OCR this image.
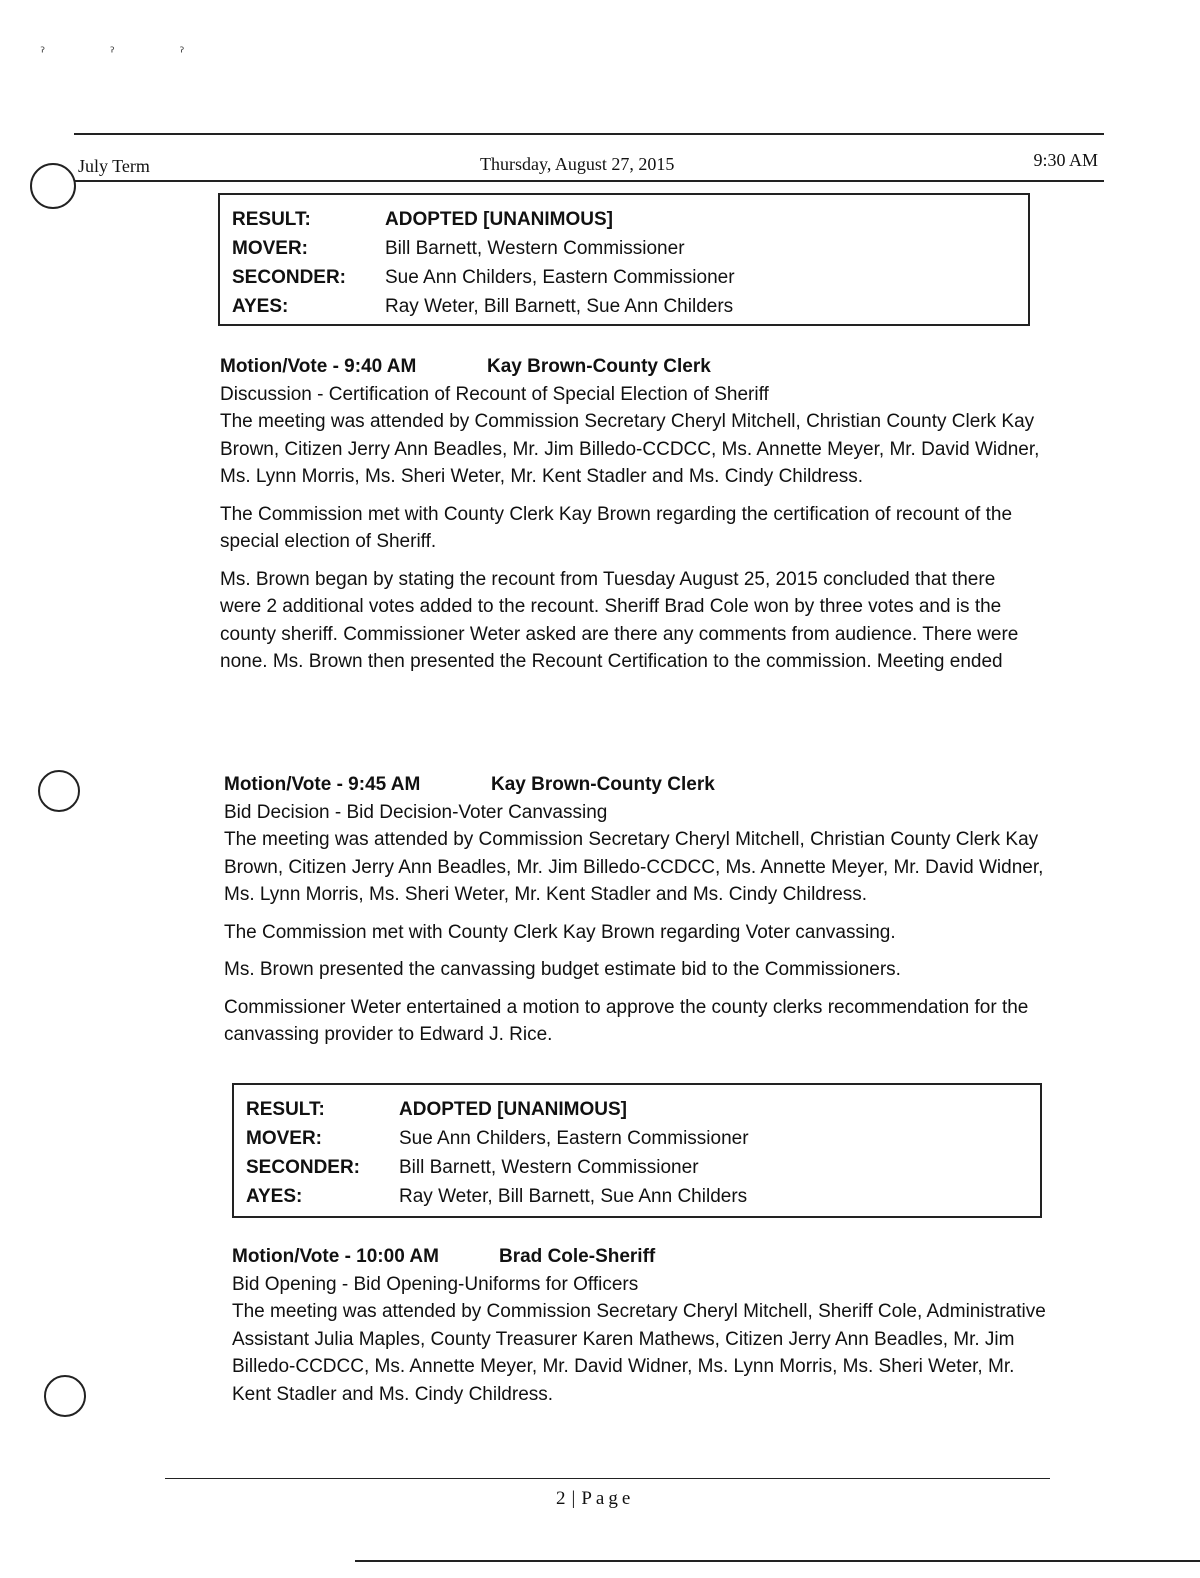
ˀ ˀ ˀ
July Term	Thursday, August 27, 2015	9:30 AM
RESULT:	ADOPTED [UNANIMOUS]
MOVER:	Bill Barnett, Western Commissioner
SECONDER:	Sue Ann Childers, Eastern Commissioner
AYES:	Ray Weter, Bill Barnett, Sue Ann Childers
Motion/Vote - 9:40 AM	Kay Brown-County Clerk
Discussion - Certification of Recount of Special Election of Sheriff

The meeting was attended by Commission Secretary Cheryl Mitchell, Christian County Clerk Kay Brown, Citizen Jerry Ann Beadles, Mr. Jim Billedo-CCDCC, Ms. Annette Meyer, Mr. David Widner, Ms. Lynn Morris, Ms. Sheri Weter, Mr. Kent Stadler and Ms. Cindy Childress.

The Commission met with County Clerk Kay Brown regarding the certification of recount of the special election of Sheriff.

Ms. Brown began by stating the recount from Tuesday August 25, 2015 concluded that there were 2 additional votes added to the recount. Sheriff Brad Cole won by three votes and is the county sheriff. Commissioner Weter asked are there any comments from audience. There were none. Ms. Brown then presented the Recount Certification to the commission. Meeting ended

Motion/Vote - 9:45 AM	Kay Brown-County Clerk
Bid Decision - Bid Decision-Voter Canvassing

The meeting was attended by Commission Secretary Cheryl Mitchell, Christian County Clerk Kay Brown, Citizen Jerry Ann Beadles, Mr. Jim Billedo-CCDCC, Ms. Annette Meyer, Mr. David Widner, Ms. Lynn Morris, Ms. Sheri Weter, Mr. Kent Stadler and Ms. Cindy Childress.

The Commission met with County Clerk Kay Brown regarding Voter canvassing.

Ms. Brown presented the canvassing budget estimate bid to the Commissioners.

Commissioner Weter entertained a motion to approve the county clerks recommendation for the canvassing provider to Edward J. Rice.

RESULT:	ADOPTED [UNANIMOUS]
MOVER:	Sue Ann Childers, Eastern Commissioner
SECONDER:	Bill Barnett, Western Commissioner
AYES:	Ray Weter, Bill Barnett, Sue Ann Childers
Motion/Vote - 10:00 AM	Brad Cole-Sheriff
Bid Opening - Bid Opening-Uniforms for Officers

The meeting was attended by Commission Secretary Cheryl Mitchell, Sheriff Cole, Administrative Assistant Julia Maples, County Treasurer Karen Mathews, Citizen Jerry Ann Beadles, Mr. Jim Billedo-CCDCC, Ms. Annette Meyer, Mr. David Widner, Ms. Lynn Morris, Ms. Sheri Weter, Mr. Kent Stadler and Ms. Cindy Childress.

2 | Page
